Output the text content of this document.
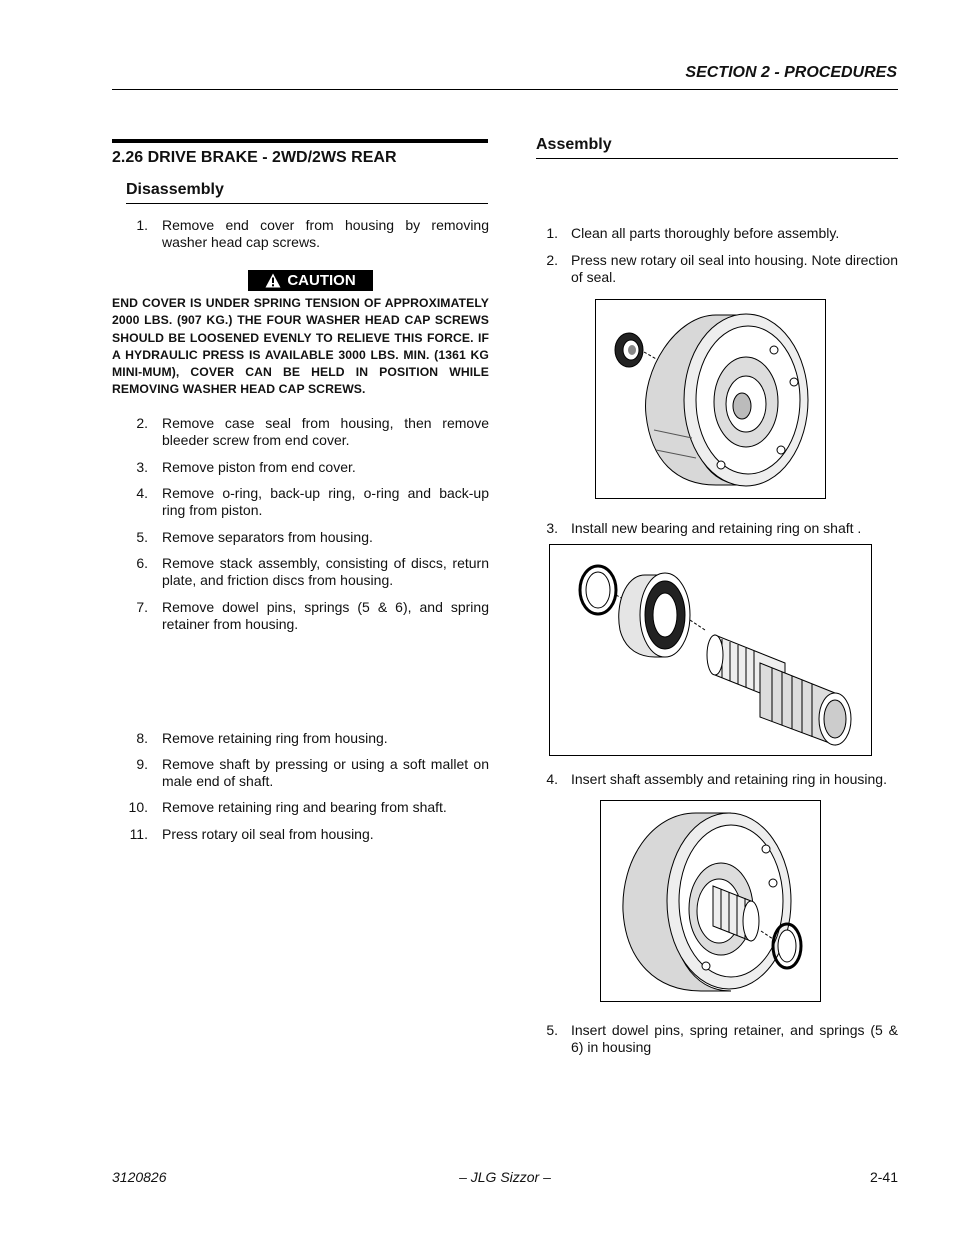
SECTION 2 - PROCEDURES
2.26 DRIVE BRAKE - 2WD/2WS REAR
Disassembly
1. Remove end cover from housing by removing washer head cap screws.
CAUTION
END COVER IS UNDER SPRING TENSION OF APPROXIMATELY 2000 LBS. (907 KG.) THE FOUR WASHER HEAD CAP SCREWS SHOULD BE LOOSENED EVENLY TO RELIEVE THIS FORCE. IF A HYDRAULIC PRESS IS AVAILABLE 3000 LBS. MIN. (1361 KG MINI-MUM), COVER CAN BE HELD IN POSITION WHILE REMOVING WASHER HEAD CAP SCREWS.
2. Remove case seal from housing, then remove bleeder screw from end cover.
3. Remove piston from end cover.
4. Remove o-ring, back-up ring, o-ring and back-up ring from piston.
5. Remove separators from housing.
6. Remove stack assembly, consisting of discs, return plate, and friction discs from housing.
7. Remove dowel pins, springs (5 & 6), and spring retainer from housing.
8. Remove retaining ring from housing.
9. Remove shaft by pressing or using a soft mallet on male end of shaft.
10. Remove retaining ring and bearing from shaft.
11. Press rotary oil seal from housing.
Assembly
1. Clean all parts thoroughly before assembly.
2. Press new rotary oil seal into housing. Note direction of seal.
3. Install new bearing and retaining ring on shaft .
4. Insert shaft assembly and retaining ring in housing.
5. Insert dowel pins, spring retainer, and springs (5 & 6) in housing
3120826	– JLG Sizzor –	2-41
